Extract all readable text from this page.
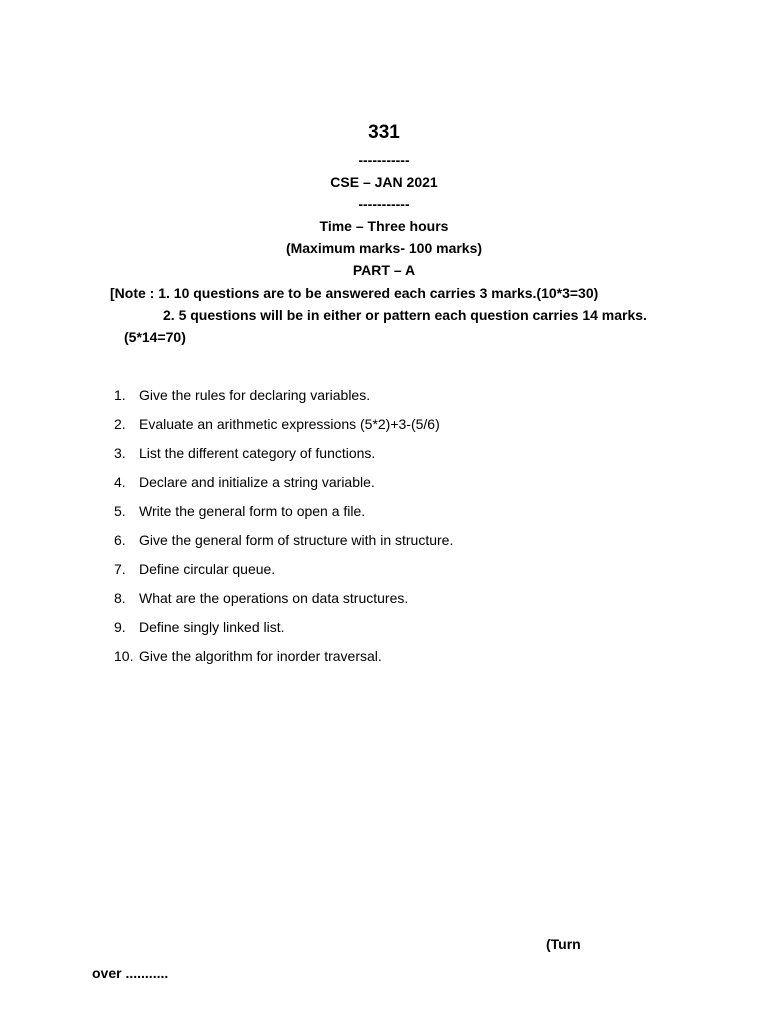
331
-----------
CSE – JAN 2021
-----------
Time – Three hours
(Maximum marks- 100 marks)
PART – A
[Note : 1. 10 questions are to be answered each carries 3 marks.(10*3=30)
2. 5 questions will be in either or pattern each question carries 14 marks.
(5*14=70)
1. Give the rules for declaring variables.
2. Evaluate an arithmetic expressions (5*2)+3-(5/6)
3. List the different category of functions.
4. Declare and initialize a string variable.
5. Write the general form to open a file.
6. Give the general form of structure with in structure.
7. Define circular queue.
8. What are the operations on data structures.
9. Define singly linked list.
10. Give the algorithm for inorder traversal.
(Turn
over ...........
